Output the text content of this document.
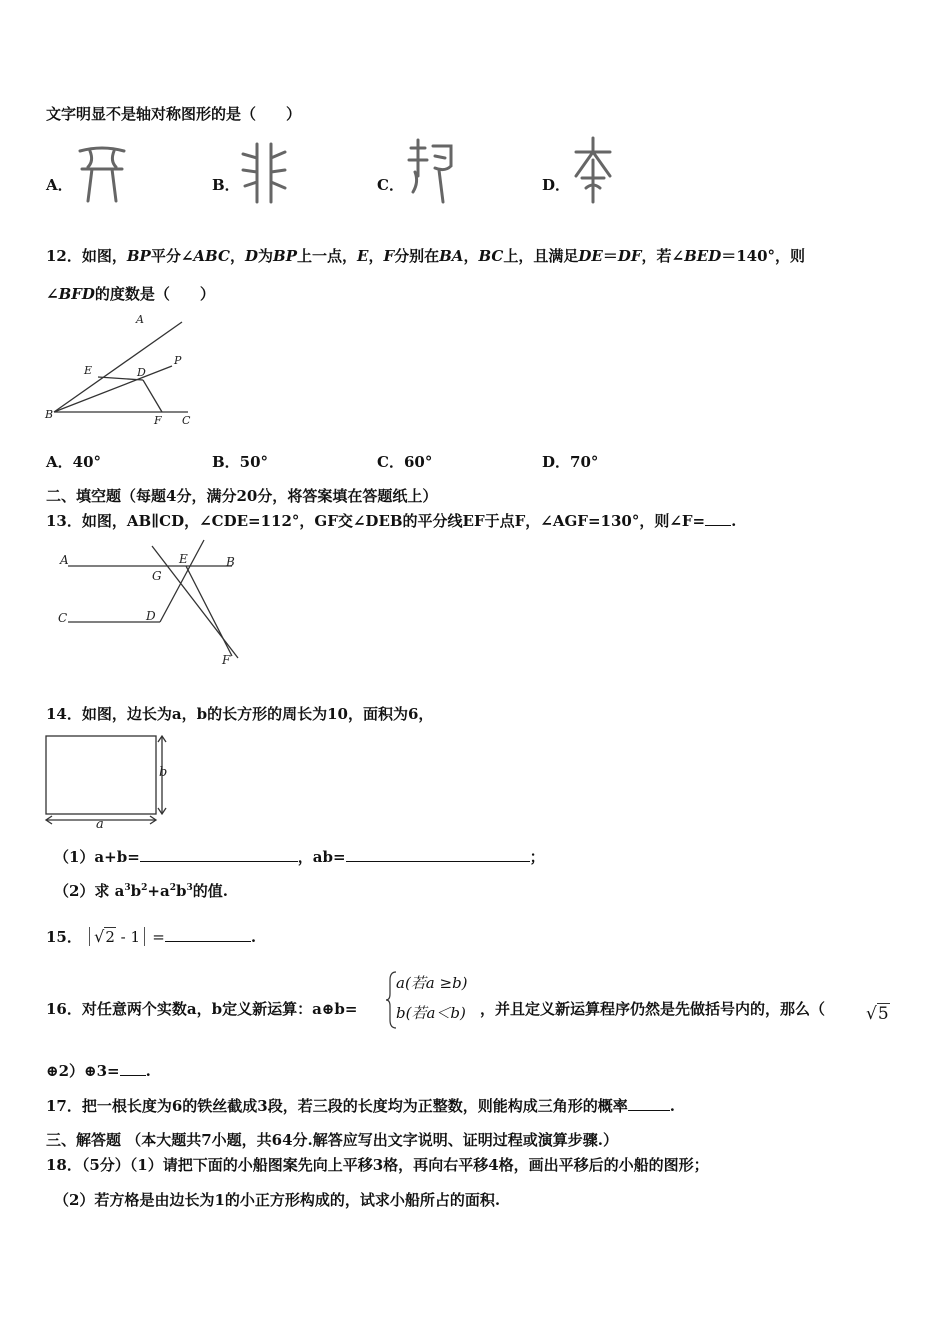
文字明显不是轴对称图形的是（　　）
A．	B．	C．	D．
12．如图，BP平分∠ABC，D为BP上一点，E，F分别在BA，BC上，且满足DE＝DF，若∠BED＝140°，则
∠BFD的度数是（　　）
A
P
E	D
B	F C
A．40°	B．50°	C．60°	D．70°
二、填空题（每题4分，满分20分，将答案填在答题纸上）
13．如图，AB∥CD，∠CDE=112°，GF交∠DEB的平分线EF于点F，∠AGF=130°，则∠F= .
A	E	B
G
C	D
F
14．如图，边长为a，b的长方形的周长为10，面积为6，
b
a
（1）a+b=	，ab=	；
（2）求 $a^3b^2+a^2b^3$的值.
15． √2 - 1 =	.
16．对任意两个实数a，b定义新运算：a⊕b=
a(若a ≥b)
b(若a＜b) ，并且定义新运算程序仍然是先做括号内的，那么（ √5
⊕2）⊕3= .
17．把一根长度为6的铁丝截成3段，若三段的长度均为正整数，则能构成三角形的概率	.
三、解答题 （本大题共7小题，共64分.解答应写出文字说明、证明过程或演算步骤.）
18．（5分）（1）请把下面的小船图案先向上平移3格，再向右平移4格，画出平移后的小船的图形；
（2）若方格是由边长为1的小正方形构成的，试求小船所占的面积.
